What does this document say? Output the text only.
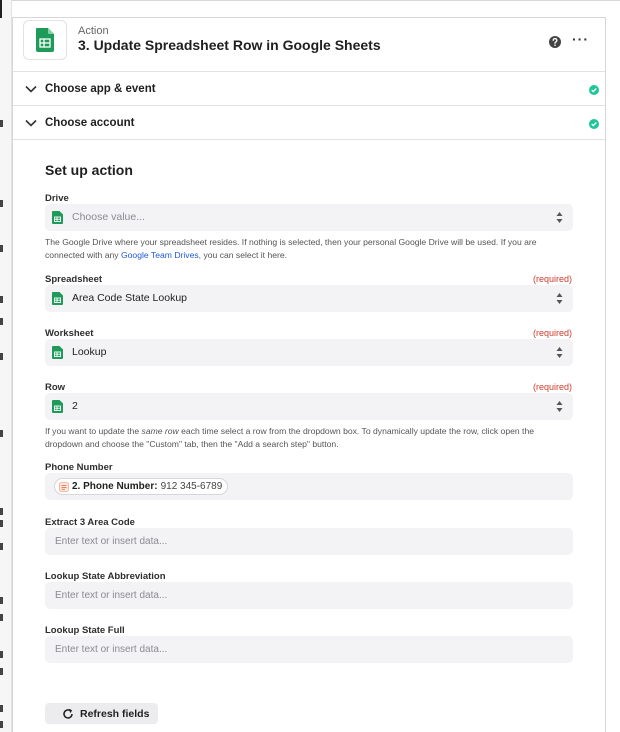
Action
3. Update Spreadsheet Row in Google Sheets	···
Choose app & event
Choose account
Set up action
Drive
Choose value...
The Google Drive where your spreadsheet resides. If nothing is selected, then your personal Google Drive will be used. If you are connected with any Google Team Drives, you can select it here.
Spreadsheet	(required)
Area Code State Lookup
Worksheet	(required)
Lookup
Row	(required)
2
If you want to update the same row each time select a row from the dropdown box. To dynamically update the row, click open the dropdown and choose the "Custom" tab, then the "Add a search step" button.
Phone Number
2. Phone Number: 912 345-6789
Extract 3 Area Code
Enter text or insert data...
Lookup State Abbreviation
Enter text or insert data...
Lookup State Full
Enter text or insert data...
Refresh fields
